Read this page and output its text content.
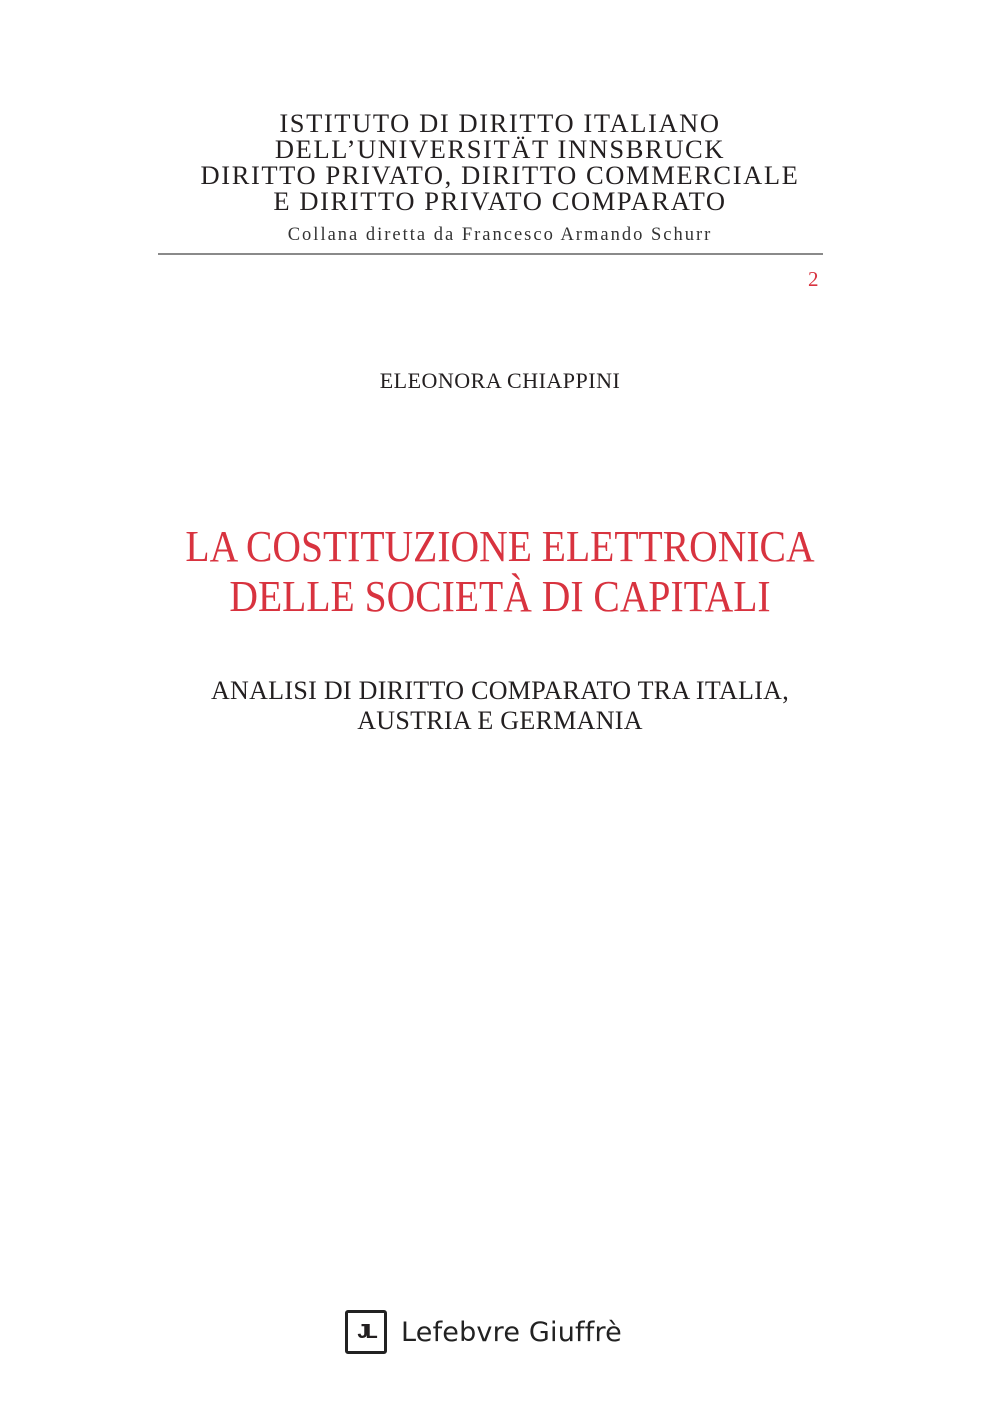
ISTITUTO DI DIRITTO ITALIANO
DELL’UNIVERSITÄT INNSBRUCK
DIRITTO PRIVATO, DIRITTO COMMERCIALE
E DIRITTO PRIVATO COMPARATO
Collana diretta da Francesco Armando Schurr
2
ELEONORA CHIAPPINI
LA COSTITUZIONE ELETTRONICA
DELLE SOCIETÀ DI CAPITALI
ANALISI DI DIRITTO COMPARATO TRA ITALIA,
AUSTRIA E GERMANIA
JL Lefebvre Giuffrè
